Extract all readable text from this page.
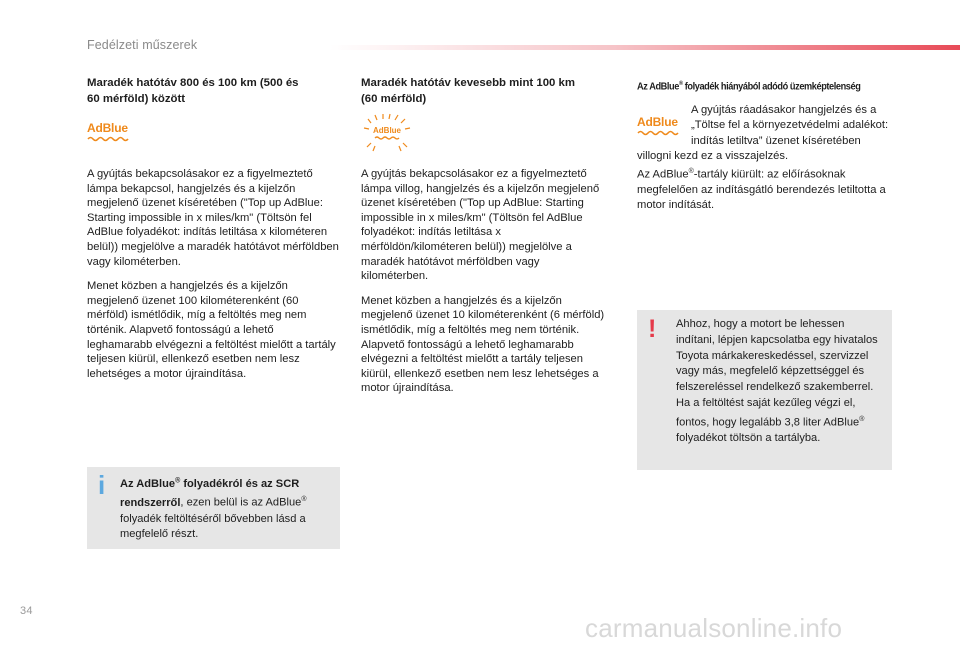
Fedélzeti műszerek
Maradék hatótáv 800 és 100 km (500 és
60 mérföld) között
AdBlue

A gyújtás bekapcsolásakor ez a figyelmeztető lámpa bekapcsol, hangjelzés és a kijelzőn megjelenő üzenet kíséretében ("Top up AdBlue: Starting impossible in x miles/km" (Töltsön fel AdBlue folyadékot: indítás letiltása x kilométeren belül)) megjelölve a maradék hatótávot mérföldben vagy kilométerben.

Menet közben a hangjelzés és a kijelzőn megjelenő üzenet 100 kilométerenként (60 mérföld) ismétlődik, míg a feltöltés meg nem történik. Alapvető fontosságú a lehető leghamarabb elvégezni a feltöltést mielőtt a tartály teljesen kiürül, ellenkező esetben nem lesz lehetséges a motor újraindítása.

Maradék hatótáv kevesebb mint 100 km
(60 mérföld)
AdBlue

A gyújtás bekapcsolásakor ez a figyelmeztető lámpa villog, hangjelzés és a kijelzőn megjelenő üzenet kíséretében ("Top up AdBlue: Starting impossible in x miles/km" (Töltsön fel AdBlue folyadékot: indítás letiltása x mérföldön/kilométeren belül)) megjelölve a maradék hatótávot mérföldben vagy kilométerben.

Menet közben a hangjelzés és a kijelzőn megjelenő üzenet 10 kilométerenként (6 mérföld) ismétlődik, míg a feltöltés meg nem történik. Alapvető fontosságú a lehető leghamarabb elvégezni a feltöltést mielőtt a tartály teljesen kiürül, ellenkező esetben nem lesz lehetséges a motor újraindítása.

Az AdBlue® folyadék hiányából adódó üzemképtelenség
AdBlue
A gyújtás ráadásakor hangjelzés és a „Töltse fel a környezetvédelmi adalékot: indítás letiltva” üzenet kíséretében villogni kezd ez a visszajelzés.
Az AdBlue®-tartály kiürült: az előírásoknak megfelelően az indításgátló berendezés letiltotta a motor indítását.
i Az AdBlue® folyadékról és az SCR rendszerről, ezen belül is az AdBlue® folyadék feltöltéséről bővebben lásd a megfelelő részt.
! Ahhoz, hogy a motort be lehessen indítani, lépjen kapcsolatba egy hivatalos Toyota márkakereskedéssel, szervizzel vagy más, megfelelő képzettséggel és felszereléssel rendelkező szakemberrel.
Ha a feltöltést saját kezűleg végzi el, fontos, hogy legalább 3,8 liter AdBlue® folyadékot töltsön a tartályba.
34
carmanualsonline.info
